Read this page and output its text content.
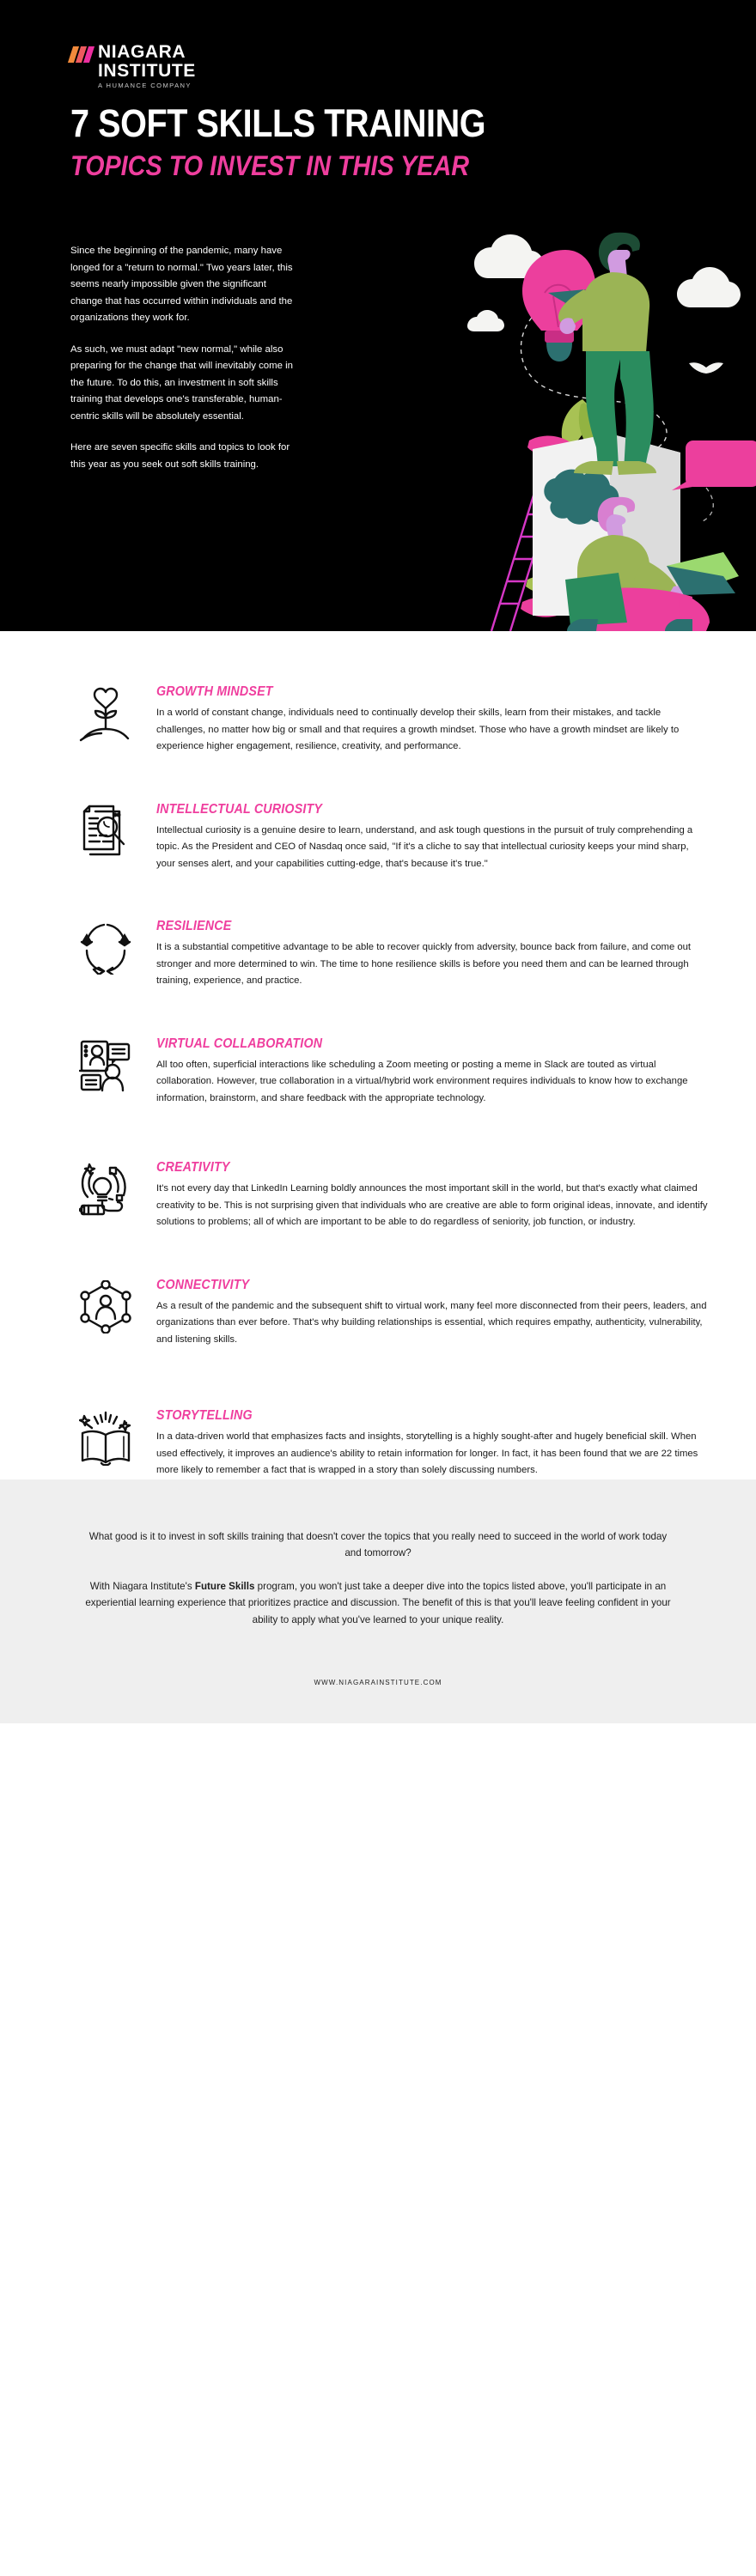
NIAGARA
INSTITUTE
A HUMANCE COMPANY
7 SOFT SKILLS TRAINING
TOPICS TO INVEST IN THIS YEAR

Since the beginning of the pandemic, many have longed for a "return to normal." Two years later, this seems nearly impossible given the significant change that has occurred within individuals and the organizations they work for.

As such, we must adapt "new normal," while also preparing for the change that will inevitably come in the future. To do this, an investment in soft skills training that develops one's transferable, human-centric skills will be absolutely essential.

Here are seven specific skills and topics to look for this year as you seek out soft skills training.

GROWTH MINDSET

In a world of constant change, individuals need to continually develop their skills, learn from their mistakes, and tackle challenges, no matter how big or small and that requires a growth mindset. Those who have a growth mindset are likely to experience higher engagement, resilience, creativity, and performance.

INTELLECTUAL CURIOSITY

Intellectual curiosity is a genuine desire to learn, understand, and ask tough questions in the pursuit of truly comprehending a topic. As the President and CEO of Nasdaq once said, "If it's a cliche to say that intellectual curiosity keeps your mind sharp, your senses alert, and your capabilities cutting-edge, that's because it's true."

RESILIENCE

It is a substantial competitive advantage to be able to recover quickly from adversity, bounce back from failure, and come out stronger and more determined to win. The time to hone resilience skills is before you need them and can be learned through training, experience, and practice.

VIRTUAL COLLABORATION

All too often, superficial interactions like scheduling a Zoom meeting or posting a meme in Slack are touted as virtual collaboration. However, true collaboration in a virtual/hybrid work environment requires individuals to know how to exchange information, brainstorm, and share feedback with the appropriate technology.

CREATIVITY

It's not every day that LinkedIn Learning boldly announces the most important skill in the world, but that's exactly what claimed creativity to be. This is not surprising given that individuals who are creative are able to form original ideas, innovate, and identify solutions to problems; all of which are important to be able to do regardless of seniority, job function, or industry.

CONNECTIVITY

As a result of the pandemic and the subsequent shift to virtual work, many feel more disconnected from their peers, leaders, and organizations than ever before. That's why building relationships is essential, which requires empathy, authenticity, vulnerability, and listening skills.

STORYTELLING

In a data-driven world that emphasizes facts and insights, storytelling is a highly sought-after and hugely beneficial skill. When used effectively, it improves an audience's ability to retain information for longer. In fact, it has been found that we are 22 times more likely to remember a fact that is wrapped in a story than solely discussing numbers.

What good is it to invest in soft skills training that doesn't cover the topics that you really need to succeed in the world of work today and tomorrow?

With Niagara Institute's Future Skills program, you won't just take a deeper dive into the topics listed above, you'll participate in an experiential learning experience that prioritizes practice and discussion. The benefit of this is that you'll leave feeling confident in your ability to apply what you've learned to your unique reality.

WWW.NIAGARAINSTITUTE.COM
